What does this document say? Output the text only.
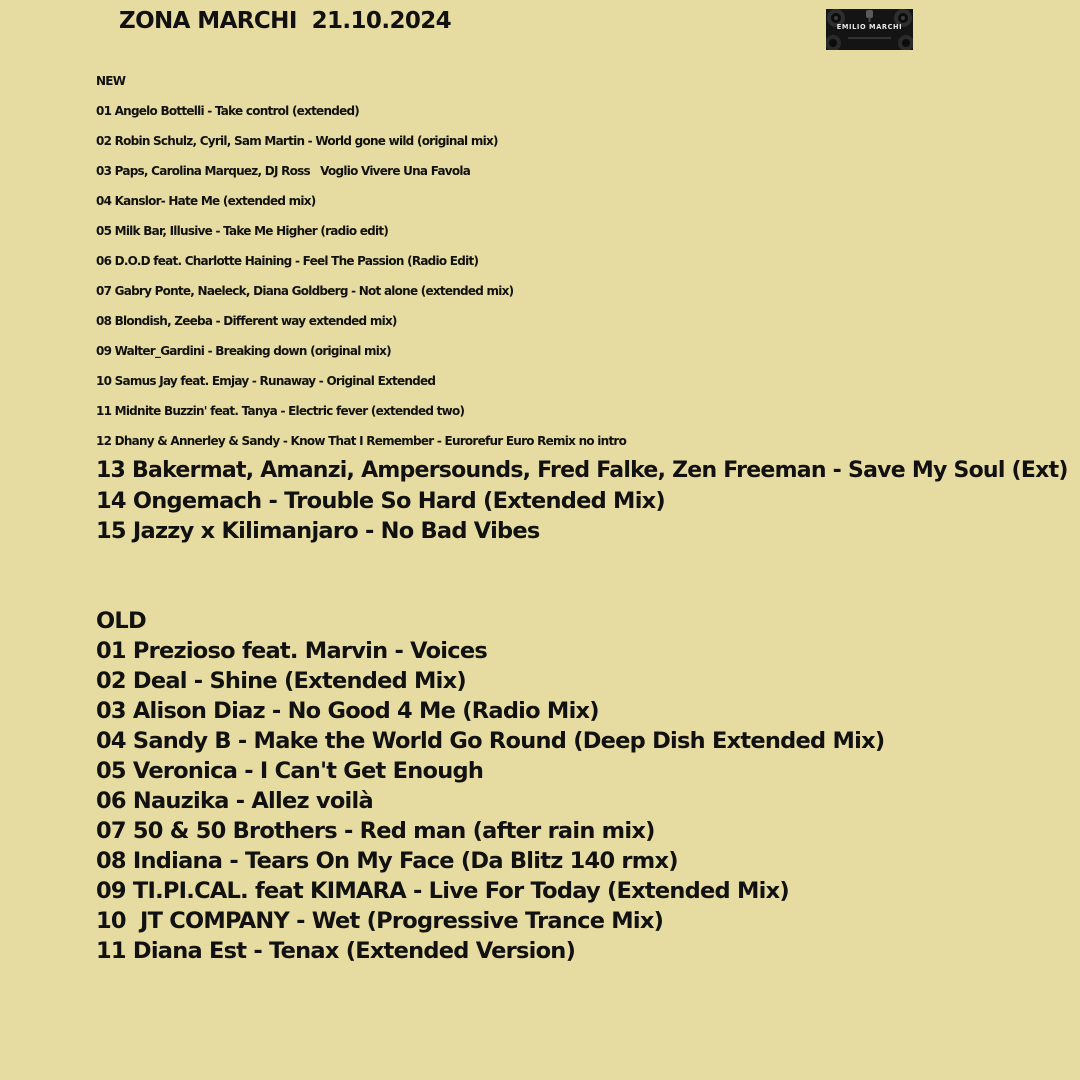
ZONA MARCHI  21.10.2024	EMILIO MARCHI
NEW
01 Angelo Bottelli - Take control (extended)
02 Robin Schulz, Cyril, Sam Martin - World gone wild (original mix)
03 Paps, Carolina Marquez, DJ Ross   Voglio Vivere Una Favola
04 Kanslor- Hate Me (extended mix)
05 Milk Bar, Illusive - Take Me Higher (radio edit)
06 D.O.D feat. Charlotte Haining - Feel The Passion (Radio Edit)
07 Gabry Ponte, Naeleck, Diana Goldberg - Not alone (extended mix)
08 Blondish, Zeeba - Different way extended mix)
09 Walter_Gardini - Breaking down (original mix)
10 Samus Jay feat. Emjay - Runaway - Original Extended
11 Midnite Buzzin' feat. Tanya - Electric fever (extended two)
12 Dhany & Annerley & Sandy - Know That I Remember - Eurorefur Euro Remix no intro
13 Bakermat, Amanzi, Ampersounds, Fred Falke, Zen Freeman - Save My Soul (Ext)
14 Ongemach - Trouble So Hard (Extended Mix)
15 Jazzy x Kilimanjaro - No Bad Vibes
OLD
01 Prezioso feat. Marvin - Voices
02 Deal - Shine (Extended Mix)
03 Alison Diaz - No Good 4 Me (Radio Mix)
04 Sandy B - Make the World Go Round (Deep Dish Extended Mix)
05 Veronica - I Can't Get Enough
06 Nauzika - Allez voilà
07 50 & 50 Brothers - Red man (after rain mix)
08 Indiana - Tears On My Face (Da Blitz 140 rmx)
09 TI.PI.CAL. feat KIMARA - Live For Today (Extended Mix)
10  JT COMPANY - Wet (Progressive Trance Mix)
11 Diana Est - Tenax (Extended Version)
